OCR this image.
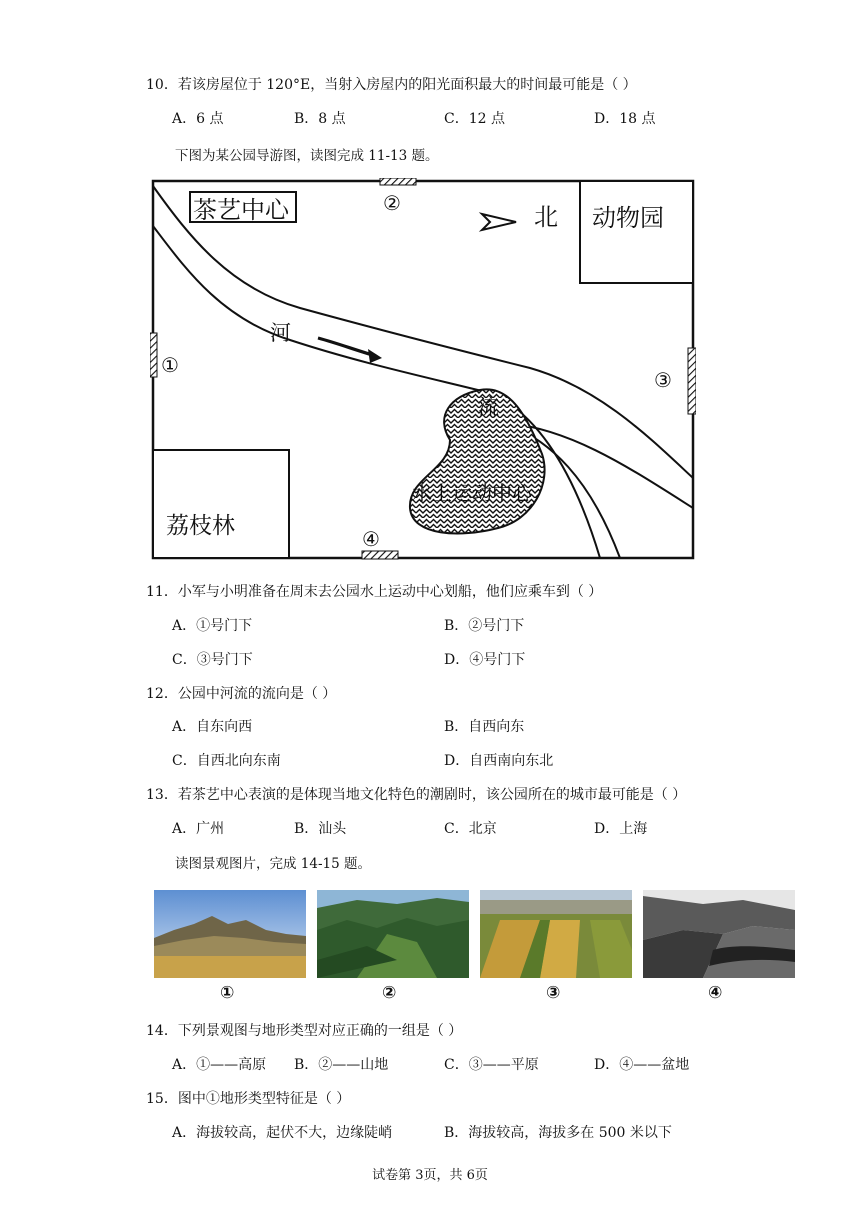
10．若该房屋位于 120°E，当射入房屋内的阳光面积最大的时间最可能是（ ）
A．6 点	B．8 点	C．12 点	D．18 点
下图为某公园导游图，读图完成 11-13 题。
茶艺中心	北 动物园
河
流
水上运动中心
荔枝林
②
①
③
④
11．小军与小明准备在周末去公园水上运动中心划船，他们应乘车到（ ）
A．①号门下	B．②号门下
C．③号门下	D．④号门下
12．公园中河流的流向是（ ）
A．自东向西	B．自西向东
C．自西北向东南	D．自西南向东北
13．若茶艺中心表演的是体现当地文化特色的潮剧时，该公园所在的城市最可能是（ ）
A．广州	B．汕头	C．北京	D．上海
读图景观图片，完成 14-15 题。
①	②	③	④
14．下列景观图与地形类型对应正确的一组是（ ）
A．①——高原 B．②——山地	C．③——平原	D．④——盆地
15．图中①地形类型特征是（ ）
A．海拔较高，起伏不大，边缘陡峭	B．海拔较高，海拔多在 500 米以下
试卷第 3页，共 6页
